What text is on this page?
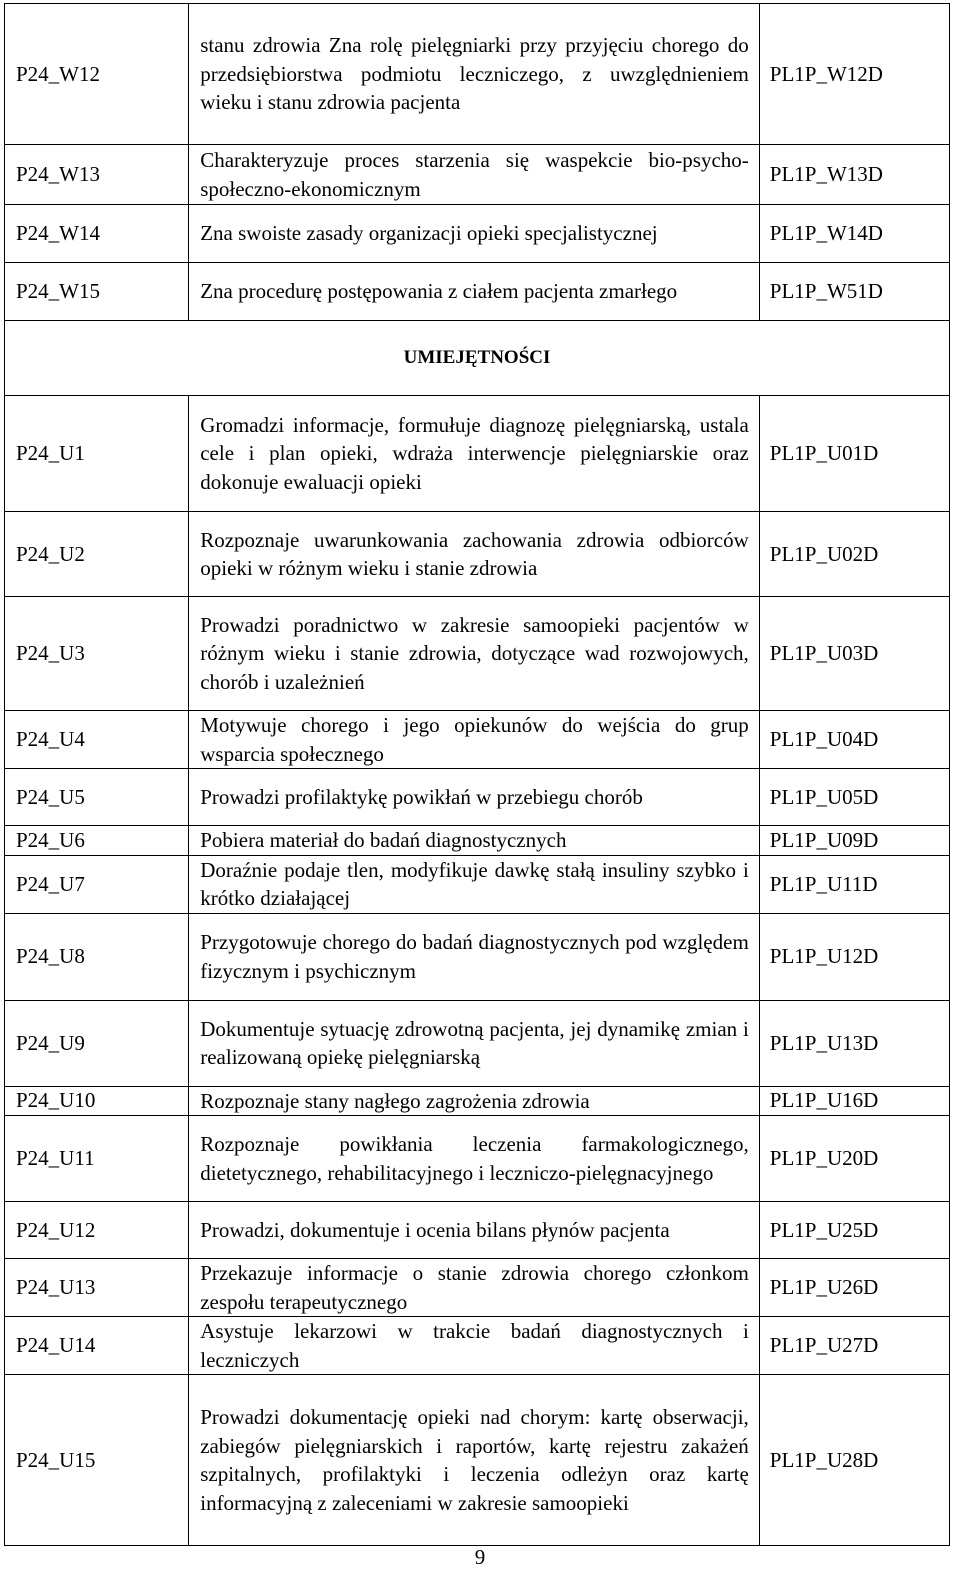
P24_W12	stanu zdrowia Zna rolę pielęgniarki przy przyjęciu chorego do przedsiębiorstwa podmiotu leczniczego, z uwzględnieniem wieku i stanu zdrowia pacjenta	PL1P_W12D
P24_W13	Charakteryzuje proces starzenia się waspekcie bio-psycho-społeczno-ekonomicznym	PL1P_W13D
P24_W14	Zna swoiste zasady organizacji opieki specjalistycznej	PL1P_W14D
P24_W15	Zna procedurę postępowania z ciałem pacjenta zmarłego	PL1P_W51D
UMIEJĘTNOŚCI		
P24_U1	Gromadzi informacje, formułuje diagnozę pielęgniarską, ustala cele i plan opieki, wdraża interwencje pielęgniarskie oraz dokonuje ewaluacji opieki	PL1P_U01D
P24_U2	Rozpoznaje uwarunkowania zachowania zdrowia odbiorców opieki w różnym wieku i stanie zdrowia	PL1P_U02D
P24_U3	Prowadzi poradnictwo w zakresie samoopieki pacjentów w różnym wieku i stanie zdrowia, dotyczące wad rozwojowych, chorób i uzależnień	PL1P_U03D
P24_U4	Motywuje chorego i jego opiekunów do wejścia do grup wsparcia społecznego	PL1P_U04D
P24_U5	Prowadzi profilaktykę powikłań w przebiegu chorób	PL1P_U05D
P24_U6	Pobiera materiał do badań diagnostycznych	PL1P_U09D
P24_U7	Doraźnie podaje tlen, modyfikuje dawkę stałą insuliny szybko i krótko działającej	PL1P_U11D
P24_U8	Przygotowuje chorego do badań diagnostycznych pod względem fizycznym i psychicznym	PL1P_U12D
P24_U9	Dokumentuje sytuację zdrowotną pacjenta, jej dynamikę zmian i realizowaną opiekę pielęgniarską	PL1P_U13D
P24_U10	Rozpoznaje stany nagłego zagrożenia zdrowia	PL1P_U16D
P24_U11	Rozpoznaje powikłania leczenia farmakologicznego, dietetycznego, rehabilitacyjnego i leczniczo-pielęgnacyjnego	PL1P_U20D
P24_U12	Prowadzi, dokumentuje i ocenia bilans płynów pacjenta	PL1P_U25D
P24_U13	Przekazuje informacje o stanie zdrowia chorego członkom zespołu terapeutycznego	PL1P_U26D
P24_U14	Asystuje lekarzowi w trakcie badań diagnostycznych i leczniczych	PL1P_U27D
P24_U15	Prowadzi dokumentację opieki nad chorym: kartę obserwacji, zabiegów pielęgniarskich i raportów, kartę rejestru zakażeń szpitalnych, profilaktyki i leczenia odleżyn oraz kartę informacyjną z zaleceniami w zakresie samoopieki	PL1P_U28D
9
